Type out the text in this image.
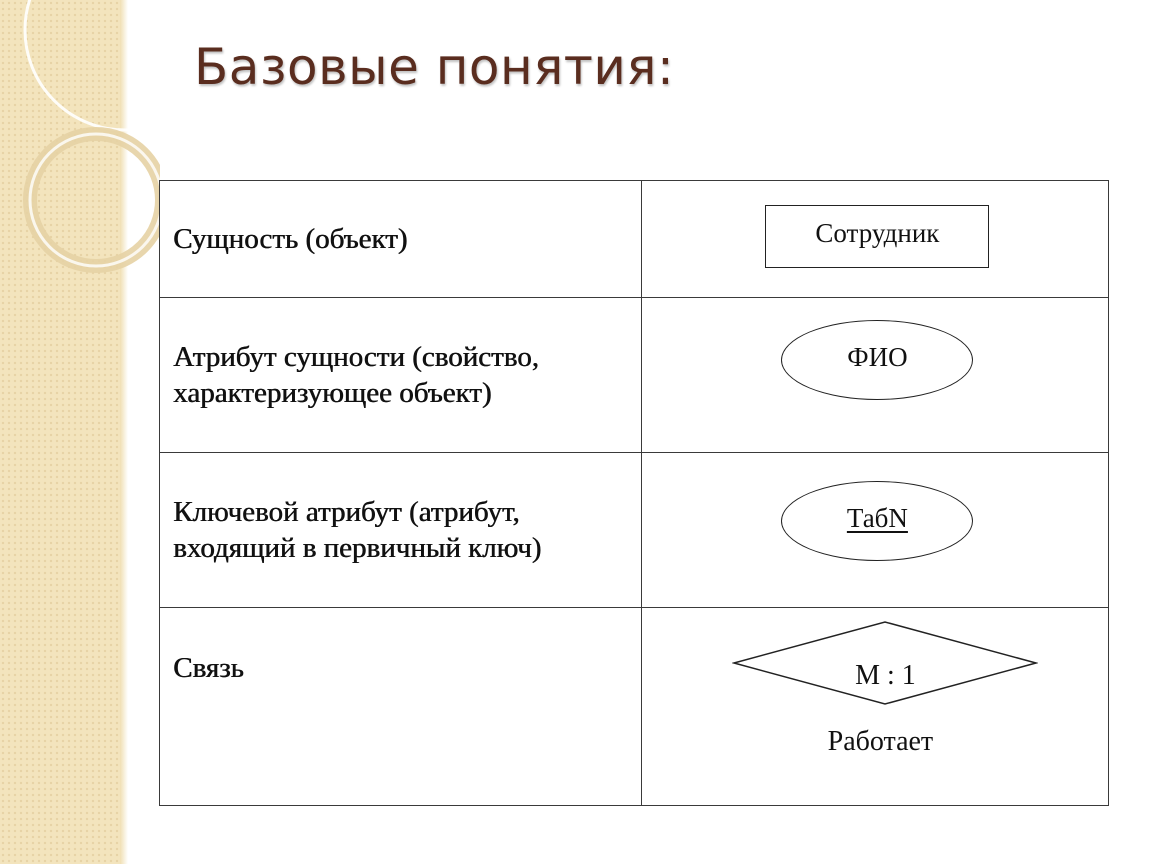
Базовые понятия:
Сущность (объект)	Сотрудник

Атрибут сущности (свойство,
характеризующее объект)	ФИО

Ключевой атрибут (атрибут,
входящий в первичный ключ)	ТабN

Связь	М : 1
Работает
